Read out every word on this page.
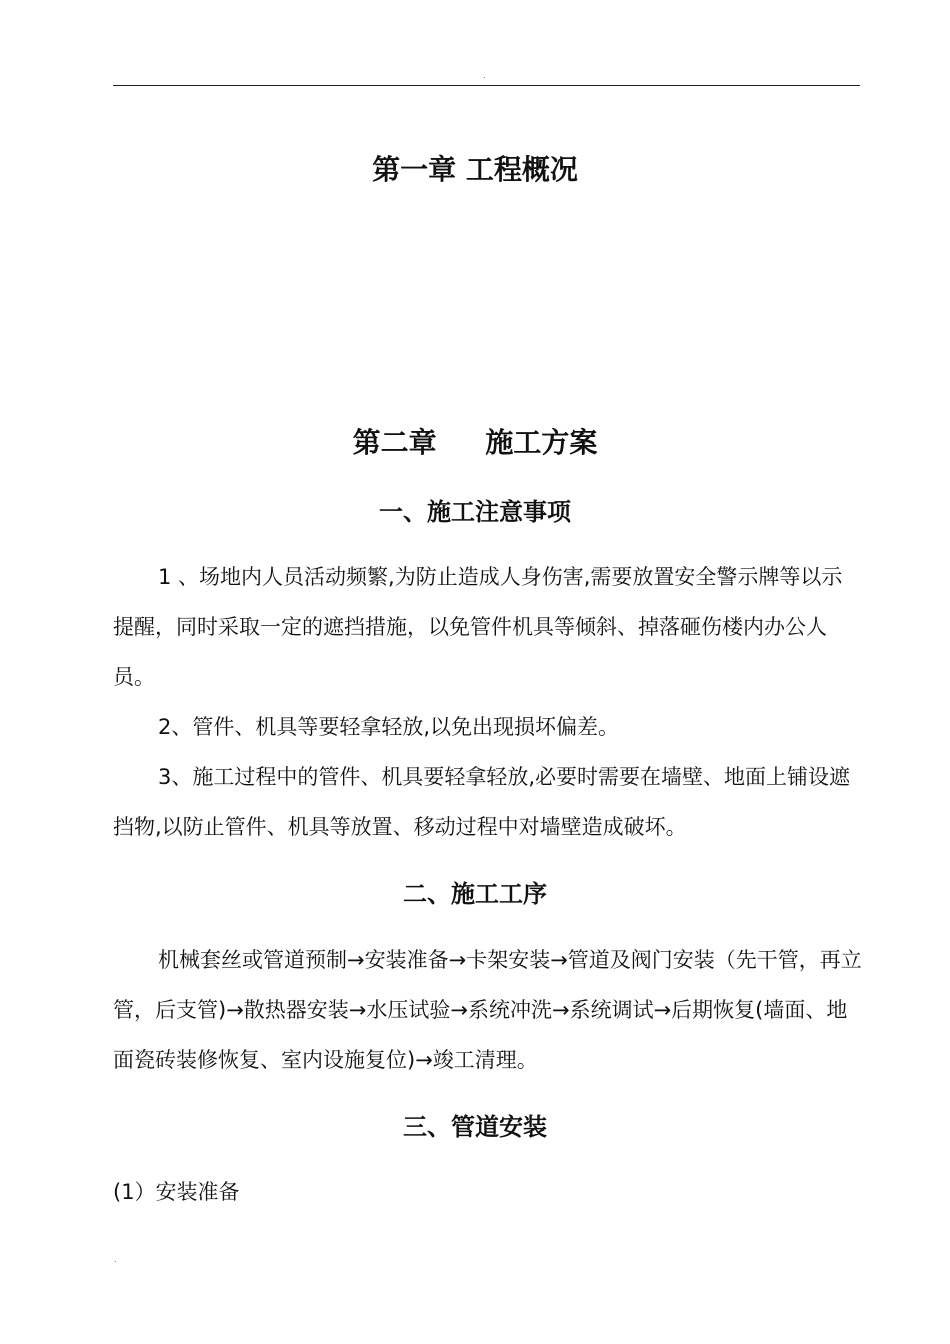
.
第一章 工程概况
第二章     施工方案
一、施工注意事项

1 、场地内人员活动频繁,为防止造成人身伤害,需要放置安全警示牌等以示提醒，同时采取一定的遮挡措施，以免管件机具等倾斜、掉落砸伤楼内办公人员。

2、管件、机具等要轻拿轻放,以免出现损坏偏差。

3、施工过程中的管件、机具要轻拿轻放,必要时需要在墙壁、地面上铺设遮挡物,以防止管件、机具等放置、移动过程中对墙壁造成破坏。

二、施工工序

机械套丝或管道预制→安装准备→卡架安装→管道及阀门安装（先干管，再立管，后支管)→散热器安装→水压试验→系统冲洗→系统调试→后期恢复(墙面、地面瓷砖装修恢复、室内设施复位)→竣工清理。

三、管道安装

(1）安装准备

.
